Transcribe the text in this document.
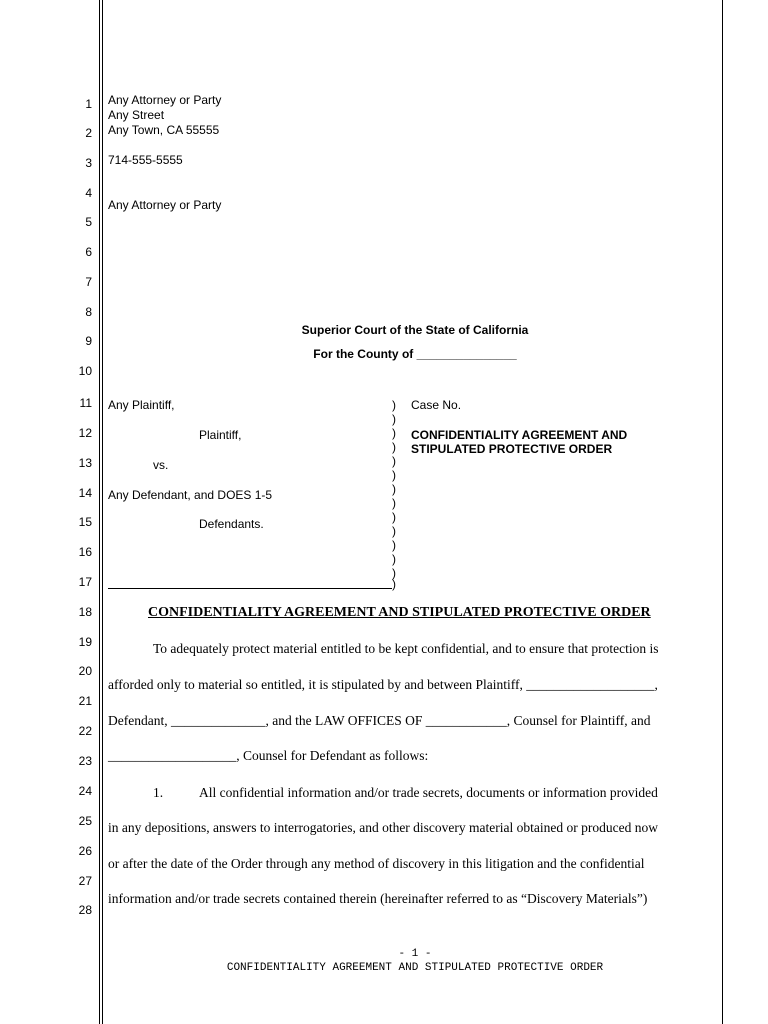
1
2
3
4
5
6
7
8
9
10
11
12
13
14
15
16
17
18
19
20
21
22
23
24
25
26
27
28
Any Attorney or Party
Any Street
Any Town, CA 55555
714-555-5555
Any Attorney or Party
Superior Court of the State of California
For the County of _______________
Any Plaintiff,
Plaintiff,
vs.
Any Defendant, and DOES 1-5
Defendants.
)
)
)
)
)
)
)
)
)
)
)
)
)
)
Case No.
CONFIDENTIALITY AGREEMENT AND
STIPULATED PROTECTIVE ORDER
CONFIDENTIALITY AGREEMENT AND STIPULATED PROTECTIVE ORDER
To adequately protect material entitled to be kept confidential, and to ensure that protection is
afforded only to material so entitled, it is stipulated by and between Plaintiff, ___________________,
Defendant, ______________, and the LAW OFFICES OF ____________, Counsel for Plaintiff, and
___________________, Counsel for Defendant as follows:
1.	All confidential information and/or trade secrets, documents or information provided
in any depositions, answers to interrogatories, and other discovery material obtained or produced now
or after the date of the Order through any method of discovery in this litigation and the confidential
information and/or trade secrets contained therein (hereinafter referred to as “Discovery Materials”)
- 1 -
CONFIDENTIALITY AGREEMENT AND STIPULATED PROTECTIVE ORDER
